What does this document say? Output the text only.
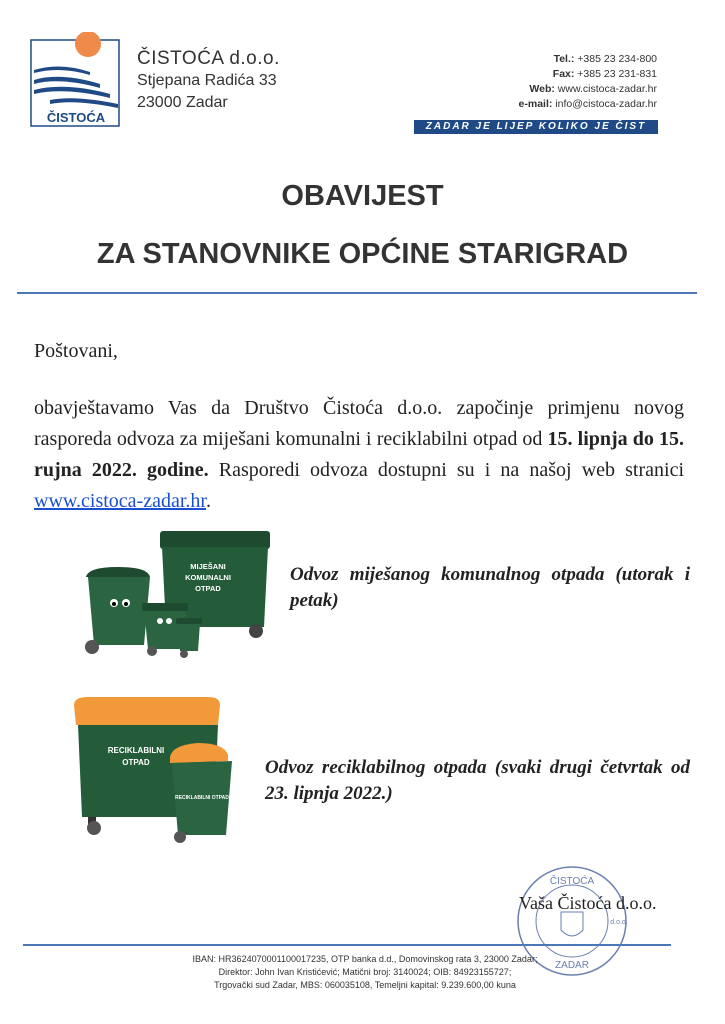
ČISTOĆA
ČISTOĆA d.o.o.
Stjepana Radića 33
23000 Zadar
Tel.: +385 23 234-800
Fax: +385 23 231-831
Web: www.cistoca-zadar.hr
e-mail: info@cistoca-zadar.hr
ZADAR JE LIJEP KOLIKO JE ČIST
OBAVIJEST
ZA STANOVNIKE OPĆINE STARIGRAD
Poštovani,
obavještavamo Vas da Društvo Čistoća d.o.o. započinje primjenu novog rasporeda odvoza za miješani komunalni i reciklabilni otpad od 15. lipnja do 15. rujna 2022. godine. Rasporedi odvoza dostupni su i na našoj web stranici www.cistoca-zadar.hr.
MIJEŠANI
KOMUNALNI
OTPAD
Odvoz miješanog komunalnog otpada (utorak i petak)
RECIKLABILNI
OTPAD
RECIKLABILNI OTPAD
Odvoz reciklabilnog otpada (svaki drugi četvrtak od 23. lipnja 2022.)
ČISTOĆA
ZADAR
d.o.o.
Vaša Čistoća d.o.o.
IBAN: HR3624070001100017235, OTP banka d.d., Domovinskog rata 3, 23000 Zadar;
Direktor: John Ivan Kristićević; Matični broj: 3140024; OIB: 84923155727;
Trgovački sud Zadar, MBS: 060035108, Temeljni kapital: 9.239.600,00 kuna
